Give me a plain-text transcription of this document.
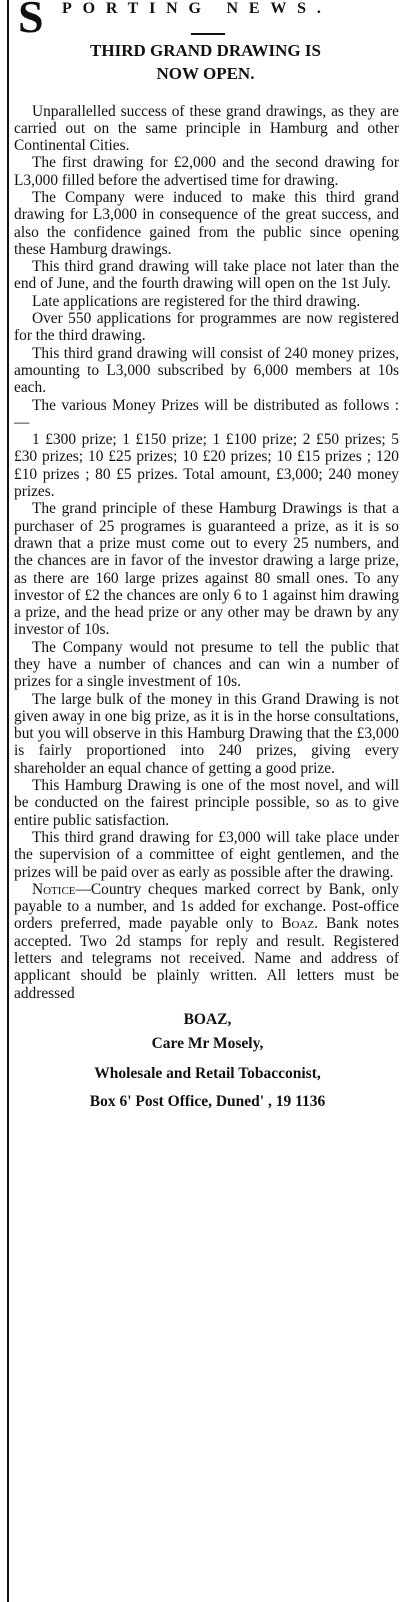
S PORTING NEWS.

THIRD GRAND DRAWING IS

NOW OPEN.

Unparallelled success of these grand drawings, as they are carried out on the same principle in Hamburg and other Continental Cities.

The first drawing for £2,000 and the second drawing for L3,000 filled before the advertised time for drawing.

The Company were induced to make this third grand drawing for L3,000 in consequence of the great success, and also the confidence gained from the public since opening these Hamburg drawings.

This third grand drawing will take place not later than the end of June, and the fourth drawing will open on the 1st July.

Late applications are registered for the third drawing.

Over 550 applications for programmes are now registered for the third drawing.

This third grand drawing will consist of 240 money prizes, amounting to L3,000 subscribed by 6,000 members at 10s each.

The various Money Prizes will be distributed as follows :—

1 £300 prize; 1 £150 prize; 1 £100 prize; 2 £50 prizes; 5 £30 prizes; 10 £25 prizes; 10 £20 prizes; 10 £15 prizes ; 120 £10 prizes ; 80 £5 prizes. Total amount, £3,000; 240 money prizes.

The grand principle of these Hamburg Drawings is that a purchaser of 25 programes is guaranteed a prize, as it is so drawn that a prize must come out to every 25 numbers, and the chances are in favor of the investor drawing a large prize, as there are 160 large prizes against 80 small ones. To any investor of £2 the chances are only 6 to 1 against him drawing a prize, and the head prize or any other may be drawn by any investor of 10s.

The Company would not presume to tell the public that they have a number of chances and can win a number of prizes for a single investment of 10s.

The large bulk of the money in this Grand Drawing is not given away in one big prize, as it is in the horse consultations, but you will observe in this Hamburg Drawing that the £3,000 is fairly proportioned into 240 prizes, giving every shareholder an equal chance of getting a good prize.

This Hamburg Drawing is one of the most novel, and will be conducted on the fairest principle possible, so as to give entire public satisfaction.

This third grand drawing for £3,000 will take place under the supervision of a committee of eight gentlemen, and the prizes will be paid over as early as possible after the drawing.

Notice—Country cheques marked correct by Bank, only payable to a number, and 1s added for exchange. Post-office orders preferred, made payable only to Boaz. Bank notes accepted. Two 2d stamps for reply and result. Registered letters and telegrams not received. Name and address of applicant should be plainly written. All letters must be addressed

BOAZ,

Care Mr Mosely,

Wholesale and Retail Tobacconist,

Box 6' Post Office, Duned' , 19 1136
